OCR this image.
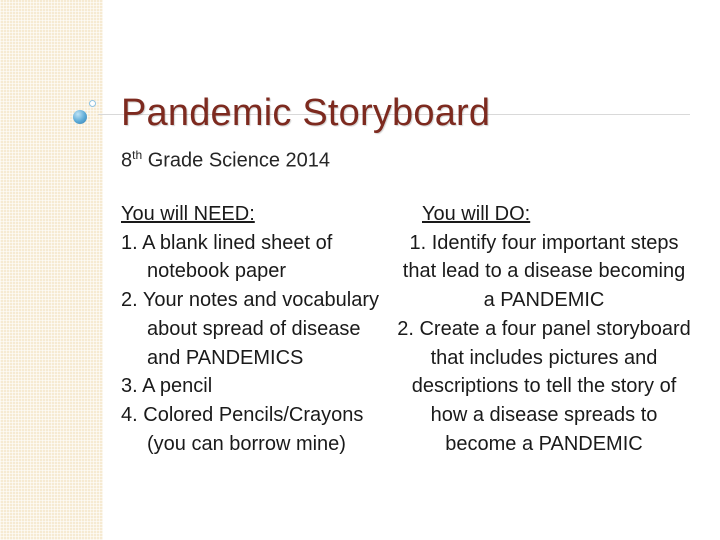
Pandemic Storyboard
8th Grade Science 2014
You will NEED:
1. A blank lined sheet of notebook paper
2. Your notes and vocabulary about spread of disease and PANDEMICS
3. A pencil
4. Colored Pencils/Crayons (you can borrow mine)
You will DO:
1. Identify four important steps that lead to a disease becoming a PANDEMIC
2. Create a four panel storyboard that includes pictures and descriptions to tell the story of how a disease spreads to become a PANDEMIC
